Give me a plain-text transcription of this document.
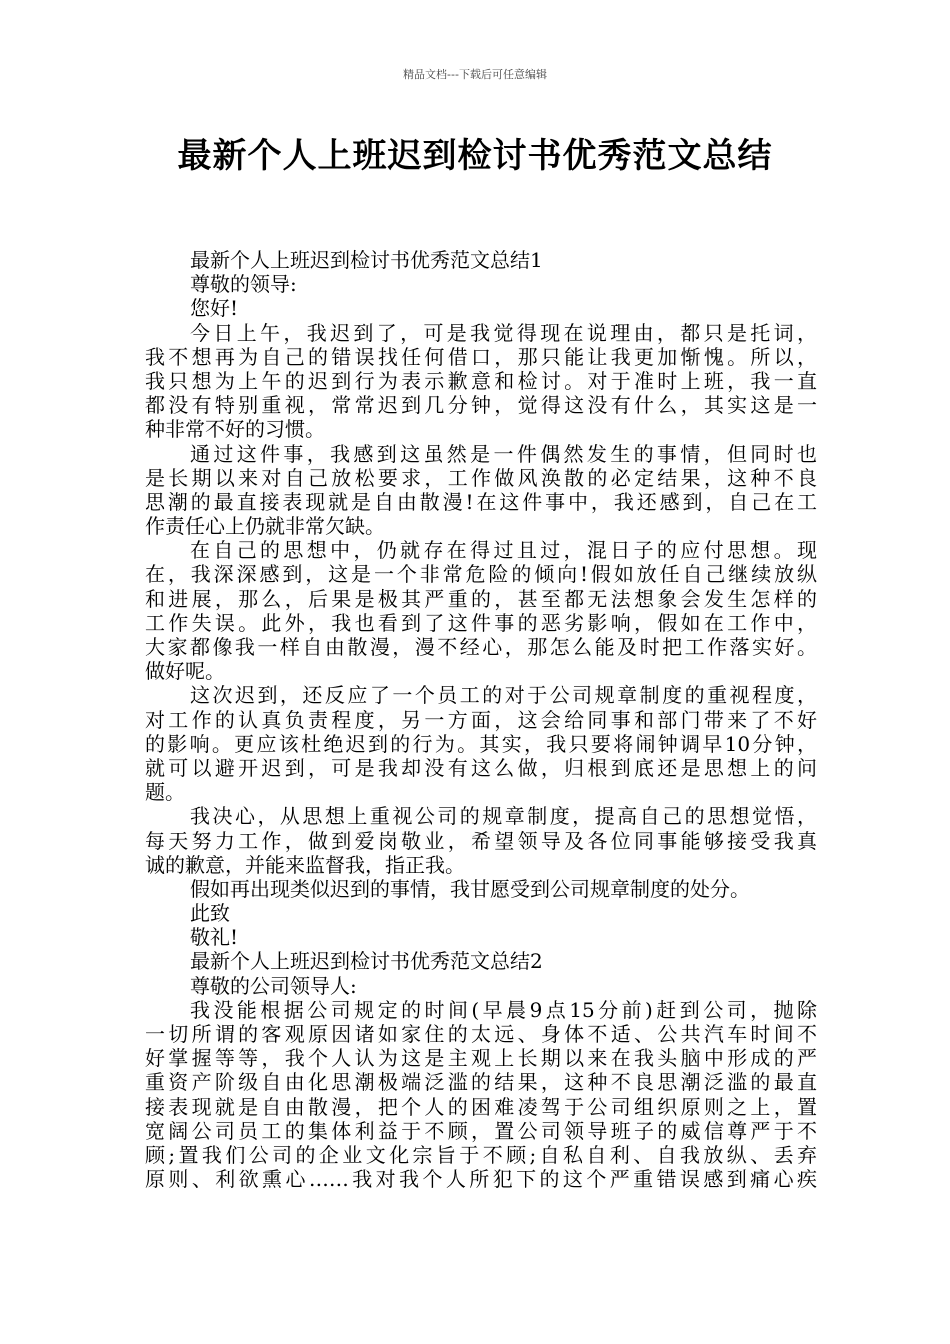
精品文档---下载后可任意编辑
最新个人上班迟到检讨书优秀范文总结
最新个人上班迟到检讨书优秀范文总结1
尊敬的领导:
您好!
今日上午，我迟到了，可是我觉得现在说理由，都只是托词，
我不想再为自己的错误找任何借口，那只能让我更加惭愧。所以，
我只想为上午的迟到行为表示歉意和检讨。对于准时上班，我一直
都没有特别重视，常常迟到几分钟，觉得这没有什么，其实这是一
种非常不好的习惯。
通过这件事，我感到这虽然是一件偶然发生的事情，但同时也
是长期以来对自己放松要求，工作做风涣散的必定结果，这种不良
思潮的最直接表现就是自由散漫!在这件事中，我还感到，自己在工
作责任心上仍就非常欠缺。
在自己的思想中，仍就存在得过且过，混日子的应付思想。现
在，我深深感到，这是一个非常危险的倾向!假如放任自己继续放纵
和进展，那么，后果是极其严重的，甚至都无法想象会发生怎样的
工作失误。此外，我也看到了这件事的恶劣影响，假如在工作中，
大家都像我一样自由散漫，漫不经心，那怎么能及时把工作落实好。
做好呢。
这次迟到，还反应了一个员工的对于公司规章制度的重视程度，
对工作的认真负责程度，另一方面，这会给同事和部门带来了不好
的影响。更应该杜绝迟到的行为。其实，我只要将闹钟调早10分钟，
就可以避开迟到，可是我却没有这么做，归根到底还是思想上的问
题。
我决心，从思想上重视公司的规章制度，提高自己的思想觉悟，
每天努力工作，做到爱岗敬业，希望领导及各位同事能够接受我真
诚的歉意，并能来监督我，指正我。
假如再出现类似迟到的事情，我甘愿受到公司规章制度的处分。
此致
敬礼!
最新个人上班迟到检讨书优秀范文总结2
尊敬的公司领导人:
我没能根据公司规定的时间(早晨9点15分前)赶到公司，抛除
一切所谓的客观原因诸如家住的太远、身体不适、公共汽车时间不
好掌握等等，我个人认为这是主观上长期以来在我头脑中形成的严
重资产阶级自由化思潮极端泛滥的结果，这种不良思潮泛滥的最直
接表现就是自由散漫，把个人的困难凌驾于公司组织原则之上，置
宽阔公司员工的集体利益于不顾，置公司领导班子的威信尊严于不
顾;置我们公司的企业文化宗旨于不顾;自私自利、自我放纵、丢弃
原则、利欲熏心……我对我个人所犯下的这个严重错误感到痛心疾
